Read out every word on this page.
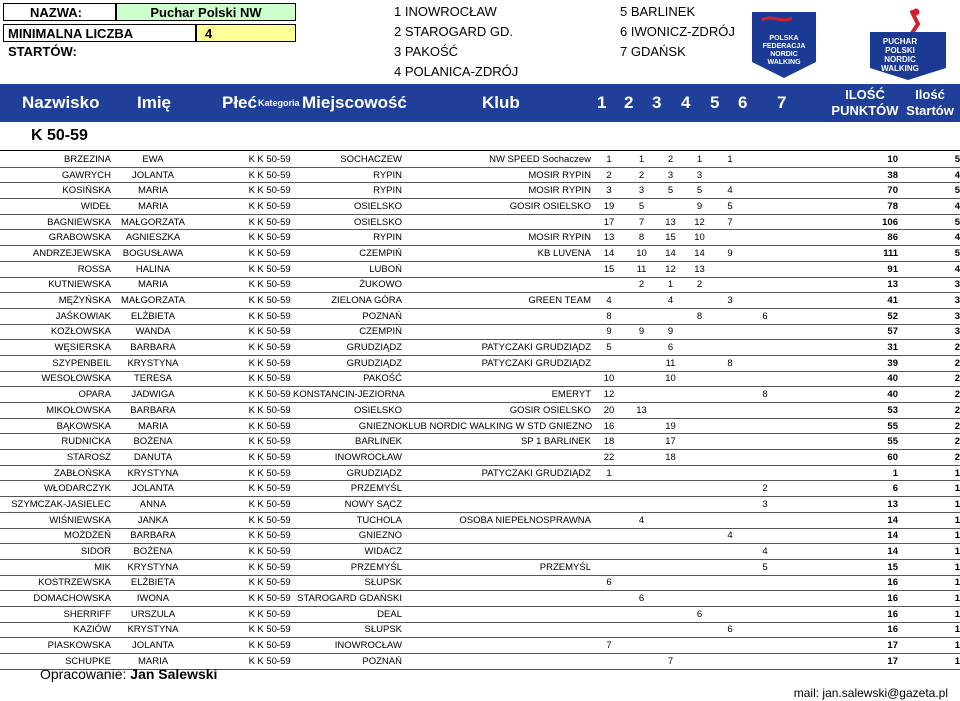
NAZWA:	Puchar Polski NW
MINIMALNA LICZBA STARTÓW:
4
1 INOWROCŁAW
2 STAROGARD GD.
3 PAKOŚĆ
4 POLANICA-ZDRÓJ
5 BARLINEK
6 IWONICZ-ZDRÓJ
7 GDAŃSK
POLSKA
FEDERACJA
NORDIC
WALKING
PUCHAR
POLSKI
NORDIC
WALKING
Nazwisko Imię	Płeć Kategoria Miejscowość	Klub	1 2 3 4 5 6 7	ILOŚĆ
PUNKTÓW
Ilość
Startów
K 50-59
BRZEZINA	EWA	K	K 50-59	SOCHACZEW	NW SPEED Sochaczew	1	1	2	1	1			10	5
GAWRYCH	JOLANTA	K	K 50-59	RYPIN	MOSIR RYPIN	2	2	3	3				38	4
KOSIŃSKA	MARIA	K	K 50-59	RYPIN	MOSIR RYPIN	3	3	5	5	4			70	5
WIDEŁ	MARIA	K	K 50-59	OSIELSKO	GOSIR OSIELSKO	19	5		9	5			78	4
BAGNIEWSKA	MAŁGORZATA	K	K 50-59	OSIELSKO		17	7	13	12	7			106	5
GRABOWSKA	AGNIESZKA	K	K 50-59	RYPIN	MOSIR RYPIN	13	8	15	10				86	4
ANDRZEJEWSKA	BOGUSŁAWA	K	K 50-59	CZEMPIŃ	KB LUVENA	14	10	14	14	9			111	5
ROSSA	HALINA	K	K 50-59	LUBOŃ		15	11	12	13				91	4
KUTNIEWSKA	MARIA	K	K 50-59	ŻUKOWO			2	1	2				13	3
MĘŻYŃSKA	MAŁGORZATA	K	K 50-59	ZIELONA GÓRA	GREEN TEAM	4		4		3			41	3
JAŚKOWIAK	ELŻBIETA	K	K 50-59	POZNAŃ		8			8		6		52	3
KOZŁOWSKA	WANDA	K	K 50-59	CZEMPIŃ		9	9	9					57	3
WĘSIERSKA	BARBARA	K	K 50-59	GRUDZIĄDZ	PATYCZAKI GRUDZIĄDZ	5		6					31	2
SZYPENBEIL	KRYSTYNA	K	K 50-59	GRUDZIĄDZ	PATYCZAKI GRUDZIĄDZ			11		8			39	2
WESOŁOWSKA	TERESA	K	K 50-59	PAKOŚĆ		10		10					40	2
OPARA	JADWIGA	K	K 50-59	KONSTANCIN-JEZIORNA	EMERYT	12					8		40	2
MIKOŁOWSKA	BARBARA	K	K 50-59	OSIELSKO	GOSIR OSIELSKO	20	13						53	2
BĄKOWSKA	MARIA	K	K 50-59	GNIEZNO	KLUB NORDIC WALKING W STD GNIEZNO	16		19					55	2
RUDNICKA	BOŻENA	K	K 50-59	BARLINEK	SP 1 BARLINEK	18		17					55	2
STAROSZ	DANUTA	K	K 50-59	INOWROCŁAW		22		18					60	2
ZABŁOŃSKA	KRYSTYNA	K	K 50-59	GRUDZIĄDZ	PATYCZAKI GRUDZIĄDZ	1							1	1
WŁODARCZYK	JOLANTA	K	K 50-59	PRZEMYŚL							2		6	1
SZYMCZAK-JASIELEC	ANNA	K	K 50-59	NOWY SĄCZ							3		13	1
WIŚNIEWSKA	JANKA	K	K 50-59	TUCHOLA	OSOBA NIEPEŁNOSPRAWNA		4						14	1
MOŻDŻEŃ	BARBARA	K	K 50-59	GNIEZNO						4			14	1
SIDOR	BOŻENA	K	K 50-59	WIDACZ							4		14	1
MIK	KRYSTYNA	K	K 50-59	PRZEMYŚL	PRZEMYŚL						5		15	1
KOSTRZEWSKA	ELŻBIETA	K	K 50-59	SŁUPSK		6							16	1
DOMACHOWSKA	IWONA	K	K 50-59	STAROGARD GDAŃSKI			6						16	1
SHERRIFF	URSZULA	K	K 50-59	DEAL					6				16	1
KAZIÓW	KRYSTYNA	K	K 50-59	SŁUPSK						6			16	1
PIASKOWSKA	JOLANTA	K	K 50-59	INOWROCŁAW		7							17	1
SCHUPKE	MARIA	K	K 50-59	POZNAŃ				7					17	1
Opracowanie: Jan Salewski
mail: jan.salewski@gazeta.pl
